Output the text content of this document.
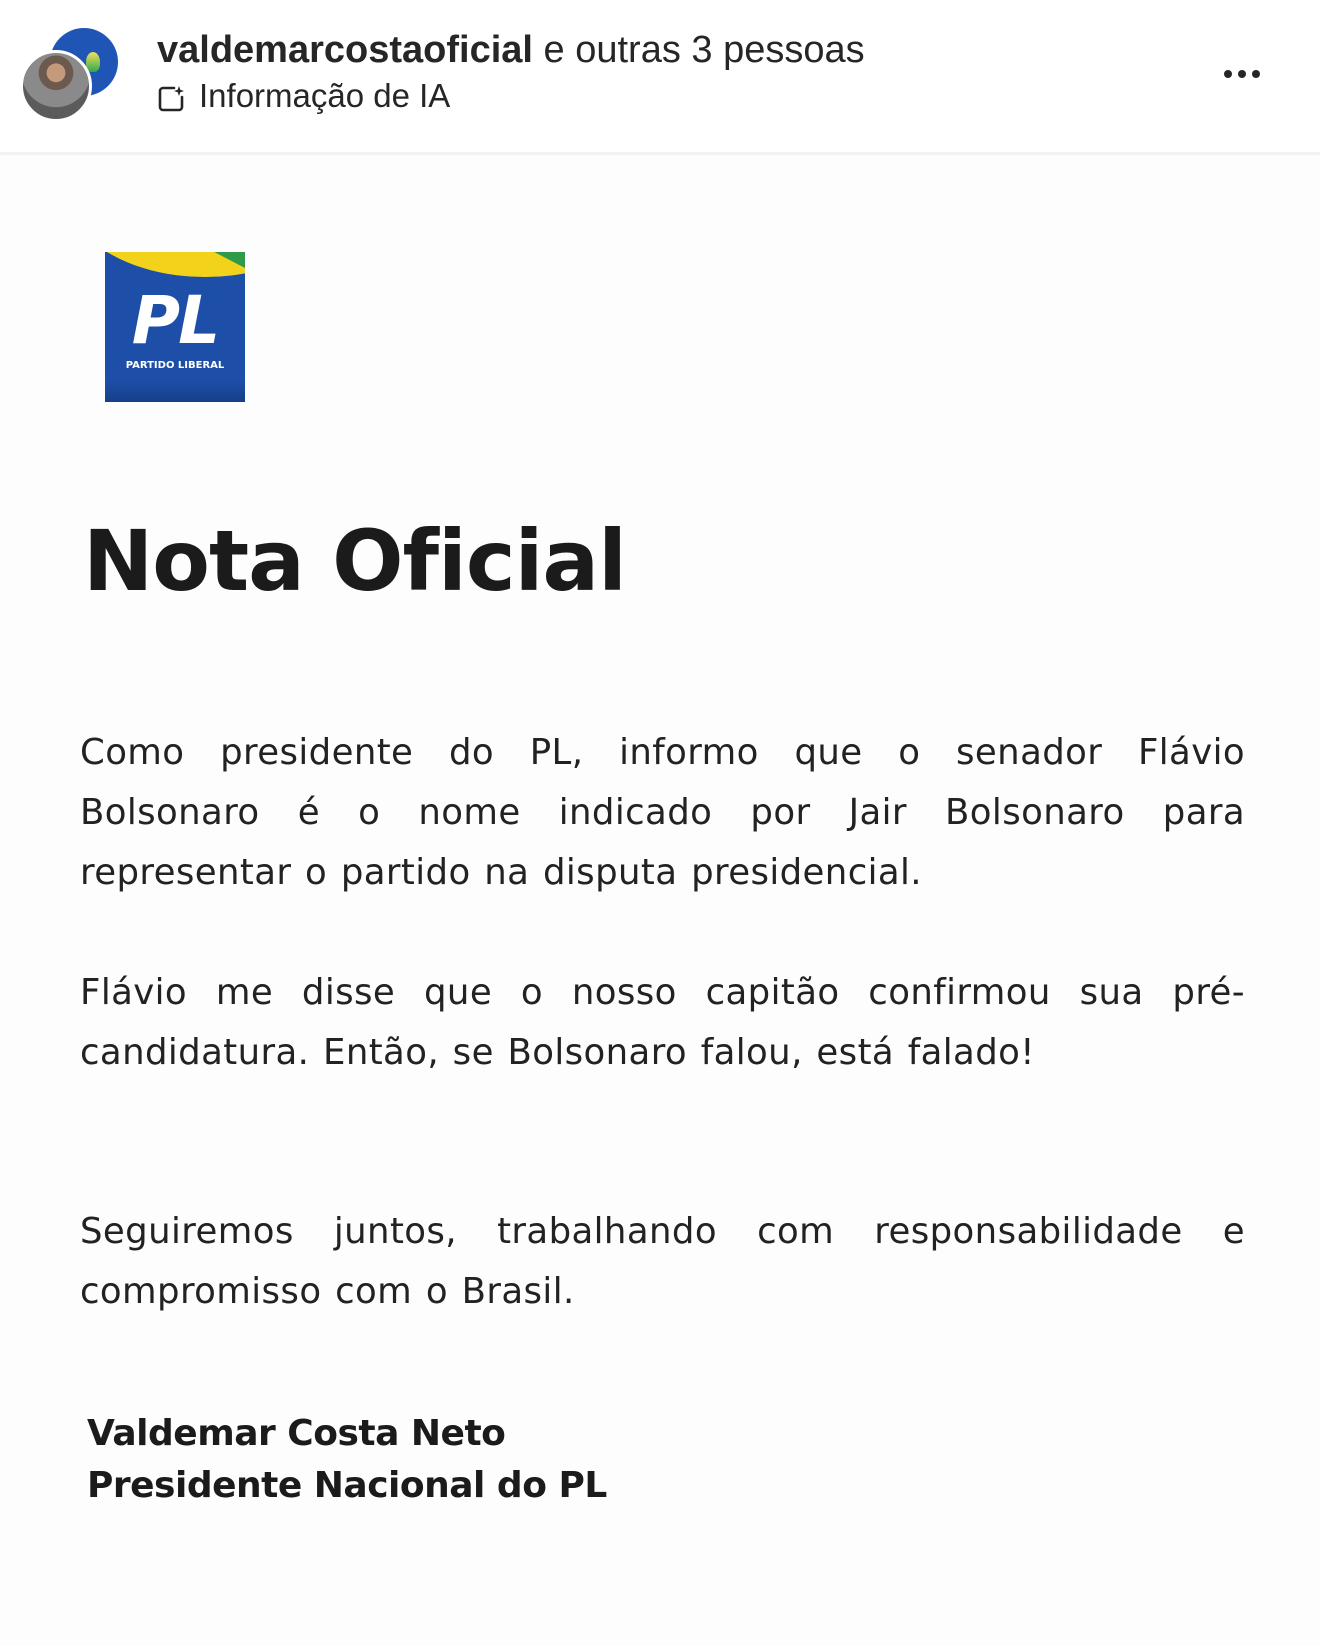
valdemarcostaoficial e outras 3 pessoas
Informação de IA
PL
PARTIDO LIBERAL
Nota Oficial
Como presidente do PL, informo que o senador Flávio Bolsonaro é o nome indicado por Jair Bolsonaro para representar o partido na disputa presidencial.
Flávio me disse que o nosso capitão confirmou sua pré-candidatura. Então, se Bolsonaro falou, está falado!
Seguiremos juntos, trabalhando com responsabilidade e compromisso com o Brasil.
Valdemar Costa Neto
Presidente Nacional do PL
